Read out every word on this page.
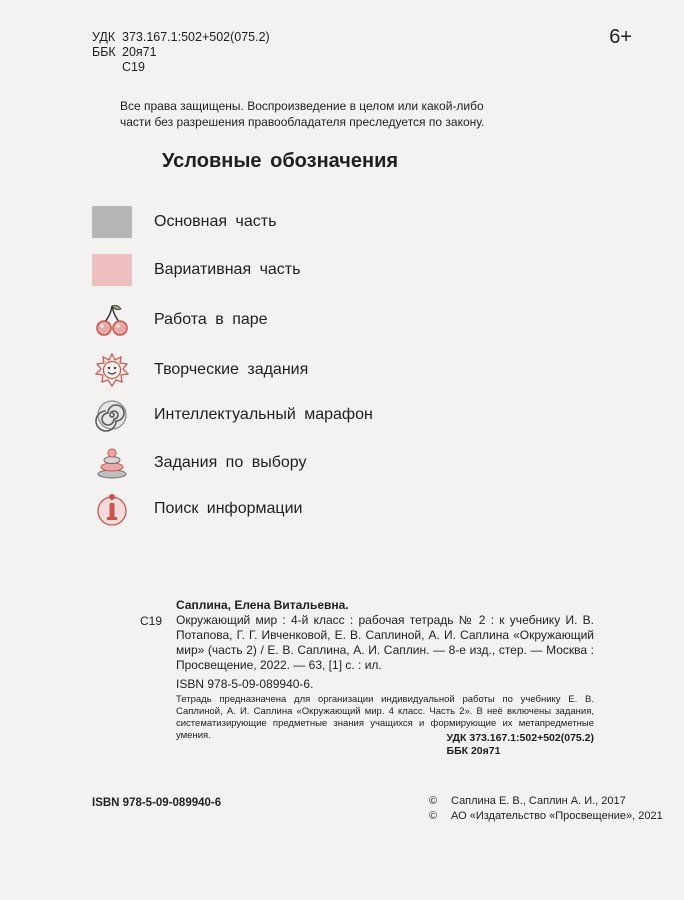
УДК 373.167.1:502+502(075.2)
ББК 20я71
С19
6+
Все права защищены. Воспроизведение в целом или какой-либо части без разрешения правообладателя преследуется по закону.
Условные обозначения
Основная часть
Вариативная часть
Работа в паре
Творческие задания
Интеллектуальный марафон
Задания по выбору
Поиск информации
С19
Саплина, Елена Витальевна.
Окружающий мир : 4-й класс : рабочая тетрадь № 2 : к учебнику И. В. Потапова, Г. Г. Ивченковой, Е. В. Саплиной, А. И. Саплина «Окружающий мир» (часть 2) / Е. В. Саплина, А. И. Саплин. — 8-е изд., стер. — Москва : Просвещение, 2022. — 63, [1] с. : ил.
ISBN 978-5-09-089940-6.
Тетрадь предназначена для организации индивидуальной работы по учебнику Е. В. Саплиной, А. И. Саплина «Окружающий мир. 4 класс. Часть 2». В неё включены задания, систематизирующие предметные знания учащихся и формирующие их метапредметные умения.	УДК 373.167.1:502+502(075.2)
ББК 20я71
ISBN 978-5-09-089940-6	©	Саплина Е. В., Саплин А. И., 2017
©	АО «Издательство «Просвещение», 2021
